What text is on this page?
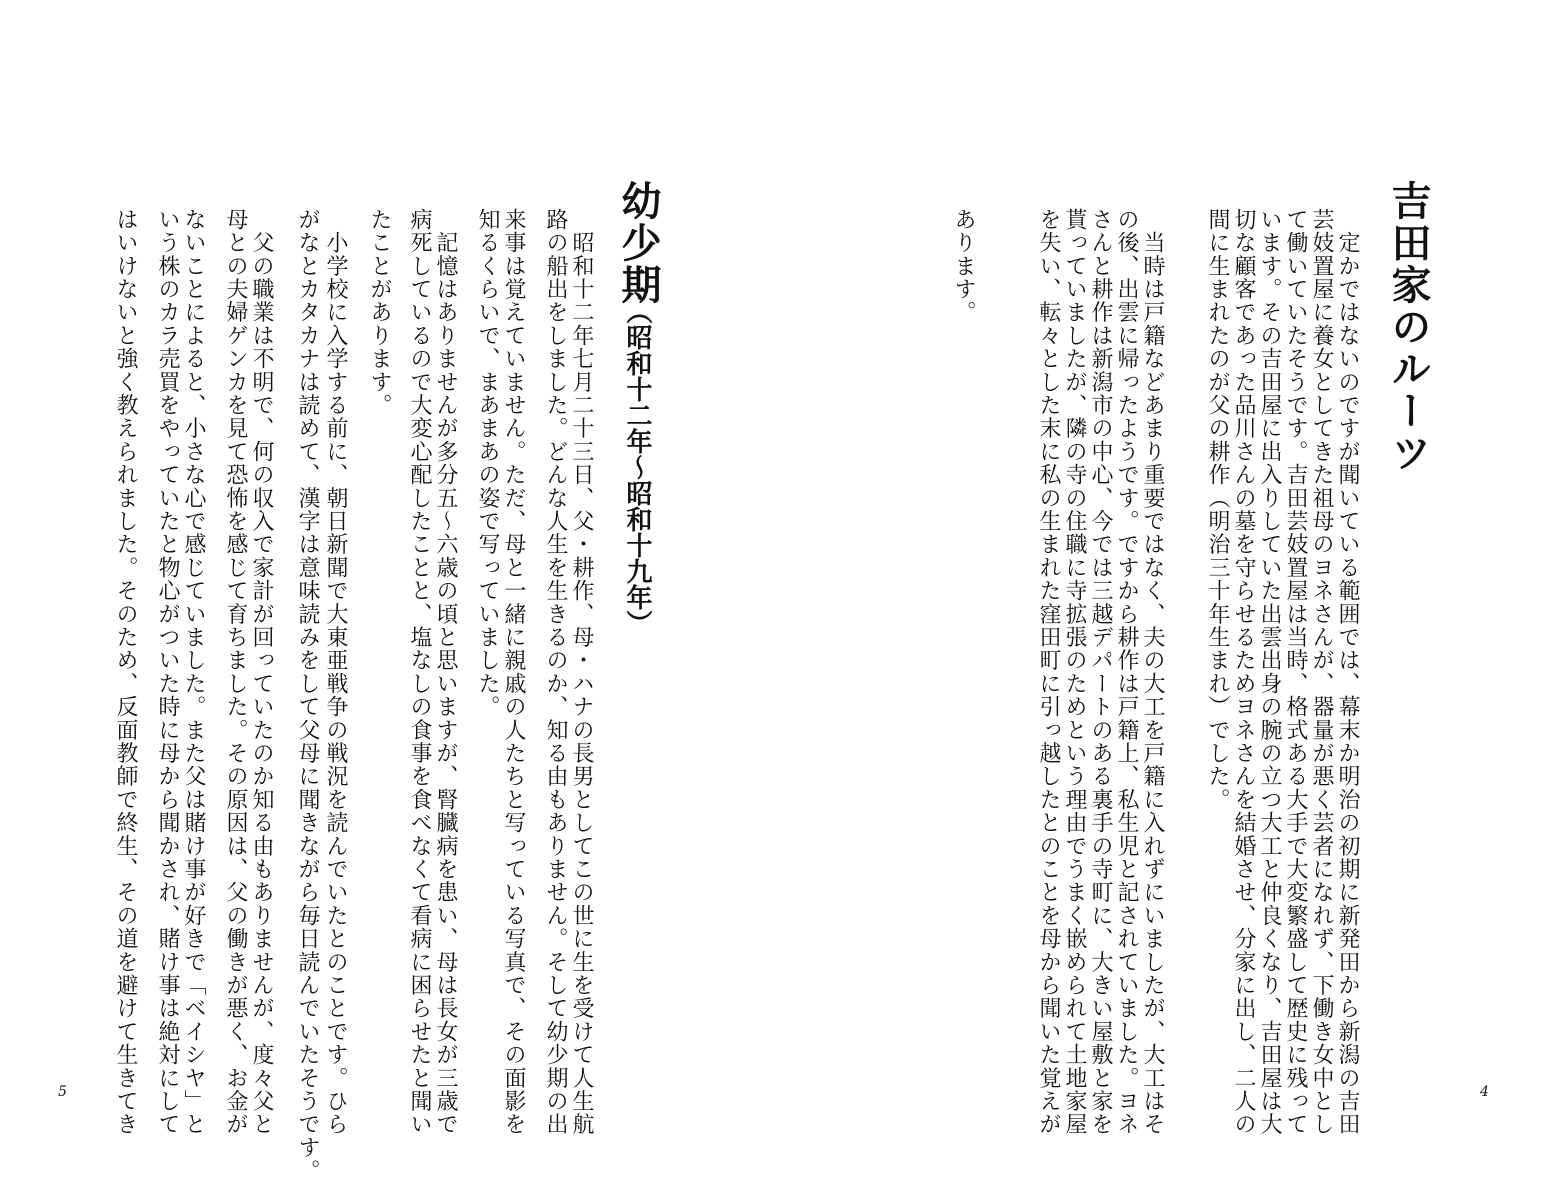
吉田家のルーツ

　定かではないのですが聞いている範囲では、幕末か明治の初期に新発田から新潟の吉田

芸妓置屋に養女としてきた祖母のヨネさんが、器量が悪く芸者になれず、下働き女中とし

て働いていたそうです。吉田芸妓置屋は当時、格式ある大手で大変繁盛して歴史に残って

います。その吉田屋に出入りしていた出雲出身の腕の立つ大工と仲良くなり、吉田屋は大

切な顧客であった品川さんの墓を守らせるためヨネさんを結婚させ、分家に出し、二人の

間に生まれたのが父の耕作（明治三十年生まれ）でした。

　当時は戸籍などあまり重要ではなく、夫の大工を戸籍に入れずにいましたが、大工はそ

の後、出雲に帰ったようです。ですから耕作は戸籍上、私生児と記されていました。ヨネ

さんと耕作は新潟市の中心、今では三越デパートのある裏手の寺町に、大きい屋敷と家を

貰っていましたが、隣の寺の住職に寺拡張のためという理由でうまく嵌められて土地家屋

を失い、転々とした末に私の生まれた窪田町に引っ越したとのことを母から聞いた覚えが

あります。

4
幼少期
（昭和十二年〜昭和十九年）

　昭和十二年七月二十三日、父・耕作、母・ハナの長男としてこの世に生を受けて人生航

路の船出をしました。どんな人生を生きるのか、知る由もありません。そして幼少期の出

来事は覚えていません。ただ、母と一緒に親戚の人たちと写っている写真で、その面影を

知るくらいで、まあまあの姿で写っていました。

　記憶はありませんが多分五〜六歳の頃と思いますが、腎臓病を患い、母は長女が三歳で

病死しているので大変心配したことと、塩なしの食事を食べなくて看病に困らせたと聞い

たことがあります。

　小学校に入学する前に、朝日新聞で大東亜戦争の戦況を読んでいたとのことです。ひら

がなとカタカナは読めて、漢字は意味読みをして父母に聞きながら毎日読んでいたそうです。

　父の職業は不明で、何の収入で家計が回っていたのか知る由もありませんが、度々父と

母との夫婦ゲンカを見て恐怖を感じて育ちました。その原因は、父の働きが悪く、お金が

ないことによると、小さな心で感じていました。また父は賭け事が好きで「ベイシヤ」と

いう株のカラ売買をやっていたと物心がついた時に母から聞かされ、賭け事は絶対にして

はいけないと強く教えられました。そのため、反面教師で終生、その道を避けて生きてき

5
